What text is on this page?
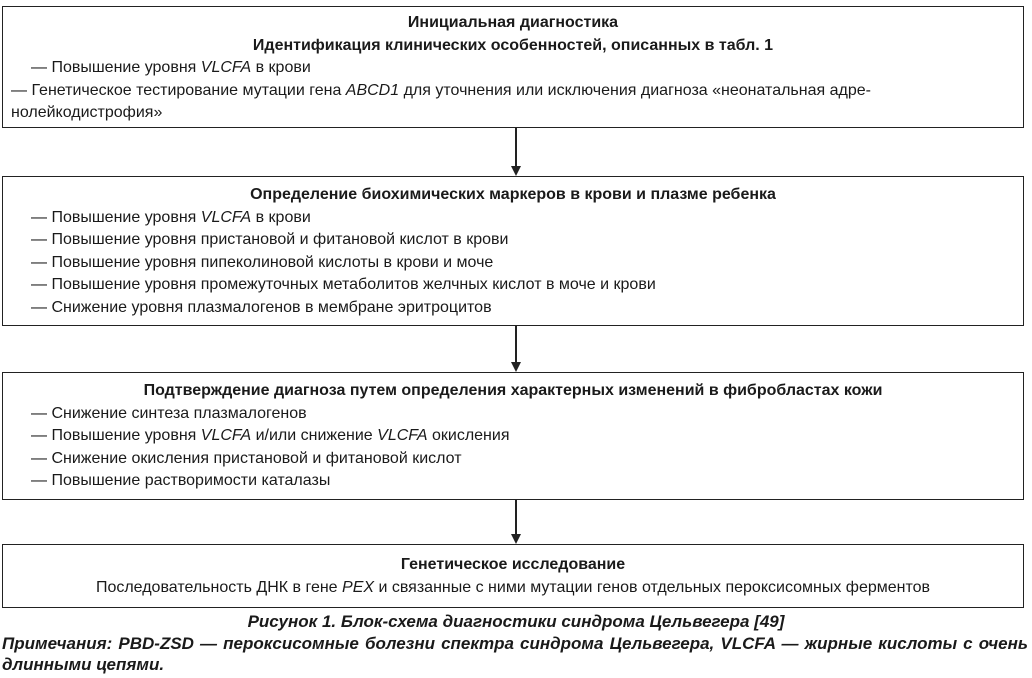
Инициальная диагностика
Идентификация клинических особенностей, описанных в табл. 1
— Повышение уровня VLCFA в крови
— Генетическое тестирование мутации гена ABCD1 для уточнения или исключения диагноза «неонатальная адре-нолейкодистрофия»
Определение биохимических маркеров в крови и плазме ребенка
— Повышение уровня VLCFA в крови
— Повышение уровня пристановой и фитановой кислот в крови
— Повышение уровня пипеколиновой кислоты в крови и моче
— Повышение уровня промежуточных метаболитов желчных кислот в моче и крови
— Снижение уровня плазмалогенов в мембране эритроцитов
Подтверждение диагноза путем определения характерных изменений в фибробластах кожи
— Снижение синтеза плазмалогенов
— Повышение уровня VLCFA и/или снижение VLCFA окисления
— Снижение окисления пристановой и фитановой кислот
— Повышение растворимости каталазы
Генетическое исследование
Последовательность ДНК в гене PEX и связанные с ними мутации генов отдельных пероксисомных ферментов
Рисунок 1. Блок-схема диагностики синдрома Цельвегера [49]
Примечания: PBD-ZSD — пероксисомные болезни спектра синдрома Цельвегера, VLCFA — жирные кислоты с очень длинными цепями.
